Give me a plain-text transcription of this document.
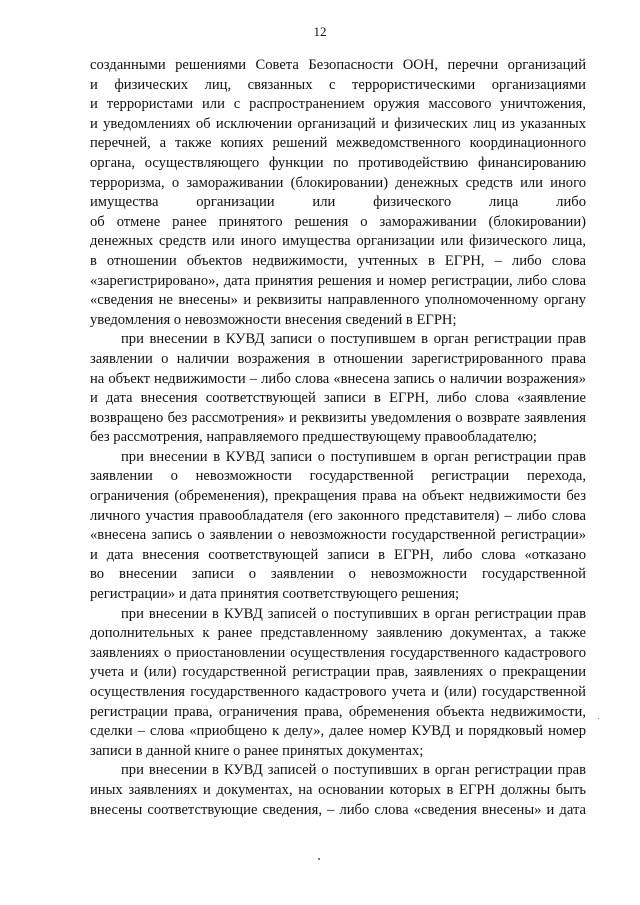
12
созданными решениями Совета Безопасности ООН, перечни организаций
и физических лиц, связанных с террористическими организациями
и террористами или с распространением оружия массового уничтожения,
и уведомлениях об исключении организаций и физических лиц из указанных
перечней, а также копиях решений межведомственного координационного
органа, осуществляющего функции по противодействию финансированию
терроризма, о замораживании (блокировании) денежных средств или иного
имущества организации или физического лица либо
об отмене ранее принятого решения о замораживании (блокировании)
денежных средств или иного имущества организации или физического лица,
в отношении объектов недвижимости, учтенных в ЕГРН, – либо слова
«зарегистрировано», дата принятия решения и номер регистрации, либо слова
«сведения не внесены» и реквизиты направленного уполномоченному органу
уведомления о невозможности внесения сведений в ЕГРН;
при внесении в КУВД записи о поступившем в орган регистрации прав
заявлении о наличии возражения в отношении зарегистрированного права
на объект недвижимости – либо слова «внесена запись о наличии возражения»
и дата внесения соответствующей записи в ЕГРН, либо слова «заявление
возвращено без рассмотрения» и реквизиты уведомления о возврате заявления
без рассмотрения, направляемого предшествующему правообладателю;
при внесении в КУВД записи о поступившем в орган регистрации прав
заявлении о невозможности государственной регистрации перехода,
ограничения (обременения), прекращения права на объект недвижимости без
личного участия правообладателя (его законного представителя) – либо слова
«внесена запись о заявлении о невозможности государственной регистрации»
и дата внесения соответствующей записи в ЕГРН, либо слова «отказано
во внесении записи о заявлении о невозможности государственной
регистрации» и дата принятия соответствующего решения;
при внесении в КУВД записей о поступивших в орган регистрации прав
дополнительных к ранее представленному заявлению документах, а также
заявлениях о приостановлении осуществления государственного кадастрового
учета и (или) государственной регистрации прав, заявлениях о прекращении
осуществления государственного кадастрового учета и (или) государственной
регистрации права, ограничения права, обременения объекта недвижимости,
сделки – слова «приобщено к делу», далее номер КУВД и порядковый номер
записи в данной книге о ранее принятых документах;
при внесении в КУВД записей о поступивших в орган регистрации прав
иных заявлениях и документах, на основании которых в ЕГРН должны быть
внесены соответствующие сведения, – либо слова «сведения внесены» и дата
